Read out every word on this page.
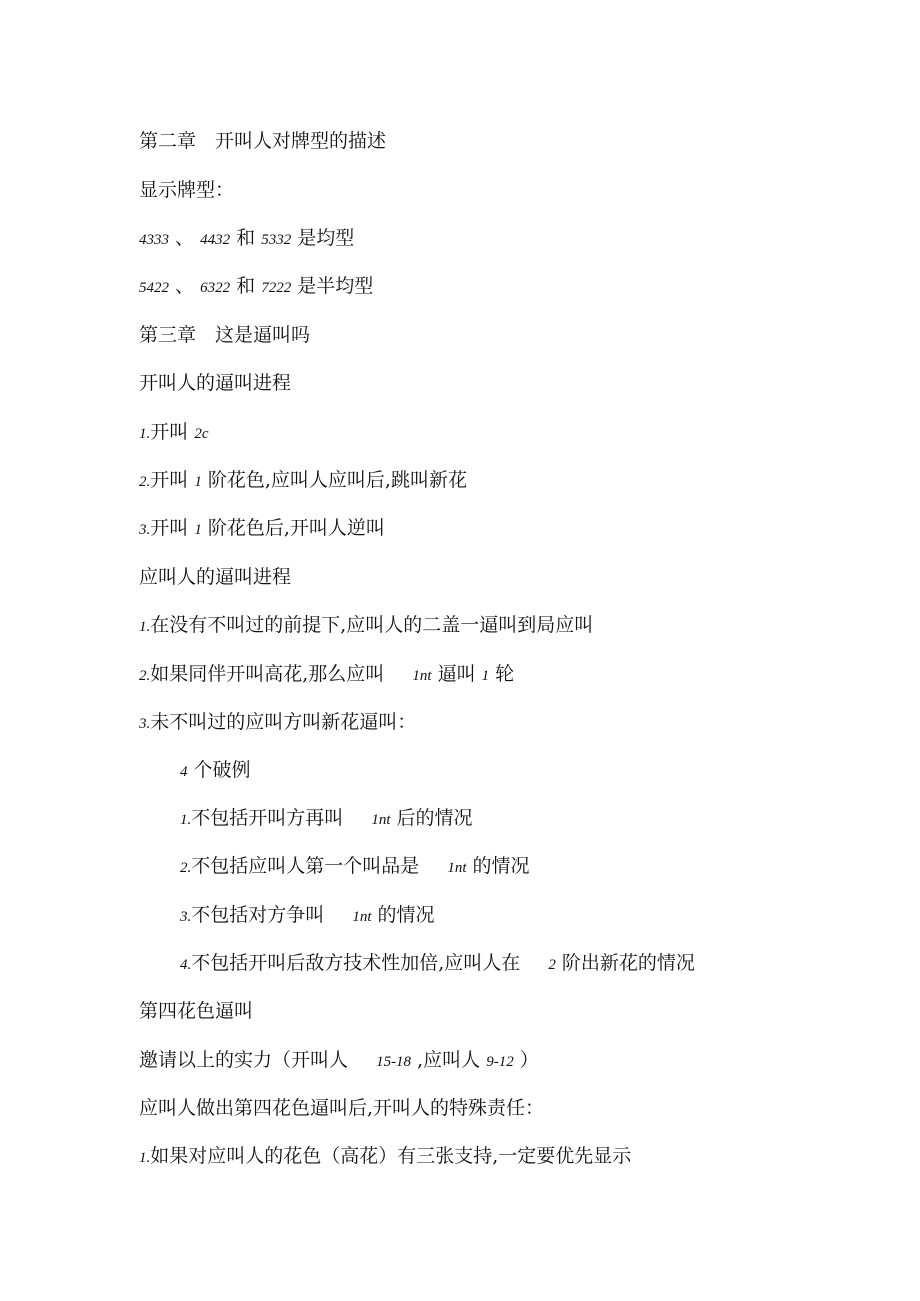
第二章　开叫人对牌型的描述
显示牌型：
4333 、 4432 和 5332 是均型
5422 、 6322 和 7222 是半均型
第三章　这是逼叫吗
开叫人的逼叫进程
1.开叫 2c
2.开叫 1 阶花色,应叫人应叫后,跳叫新花
3.开叫 1 阶花色后,开叫人逆叫
应叫人的逼叫进程
1.在没有不叫过的前提下,应叫人的二盖一逼叫到局应叫
2.如果同伴开叫高花,那么应叫 1nt 逼叫 1 轮
3.未不叫过的应叫方叫新花逼叫：
4 个破例
1.不包括开叫方再叫 1nt 后的情况
2.不包括应叫人第一个叫品是 1nt 的情况
3.不包括对方争叫 1nt 的情况
4.不包括开叫后敌方技术性加倍,应叫人在 2 阶出新花的情况
第四花色逼叫
邀请以上的实力（开叫人 15-18 ,应叫人 9-12 ）
应叫人做出第四花色逼叫后,开叫人的特殊责任：
1.如果对应叫人的花色（高花）有三张支持,一定要优先显示
